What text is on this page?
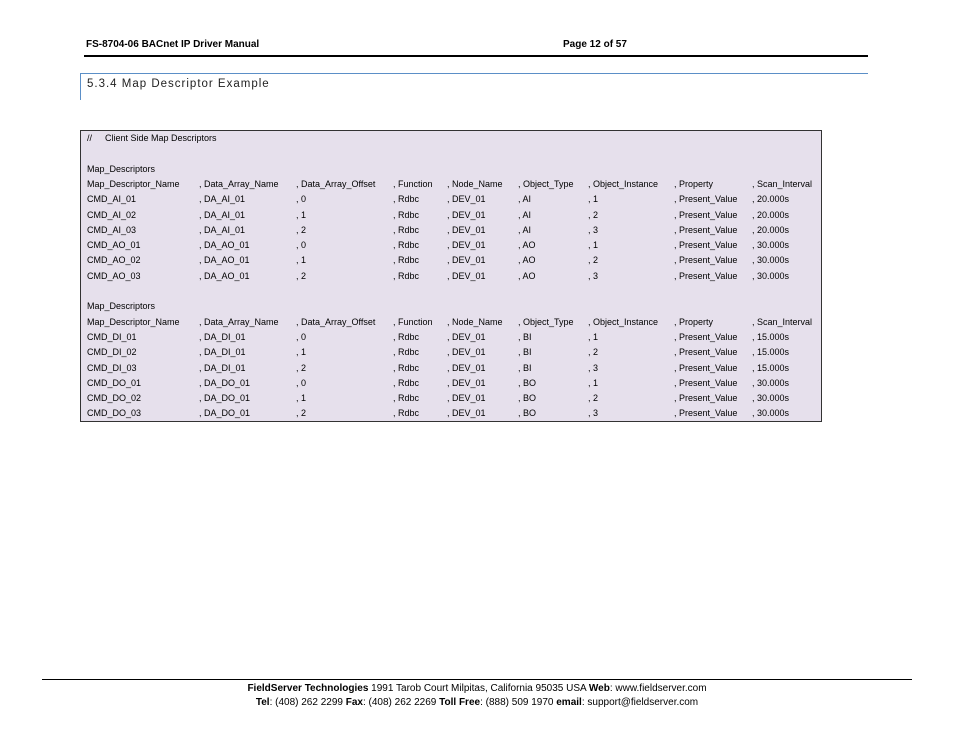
FS-8704-06 BACnet IP Driver Manual	Page 12 of 57
5.3.4 Map Descriptor Example
// Client Side Map Descriptors
Map_Descriptors
Map_Descriptor_Name , Data_Array_Name , Data_Array_Offset , Function , Node_Name , Object_Type , Object_Instance , Property	, Scan_Interval
CMD_AI_01	, DA_AI_01	, 0	, Rdbc	, DEV_01	, AI	, 1	, Present_Value , 20.000s
CMD_AI_02	, DA_AI_01	, 1	, Rdbc	, DEV_01	, AI	, 2	, Present_Value , 20.000s
CMD_AI_03	, DA_AI_01	, 2	, Rdbc	, DEV_01	, AI	, 3	, Present_Value , 20.000s
CMD_AO_01	, DA_AO_01	, 0	, Rdbc	, DEV_01	, AO	, 1	, Present_Value , 30.000s
CMD_AO_02	, DA_AO_01	, 1	, Rdbc	, DEV_01	, AO	, 2	, Present_Value , 30.000s
CMD_AO_03	, DA_AO_01	, 2	, Rdbc	, DEV_01	, AO	, 3	, Present_Value , 30.000s
Map_Descriptors
Map_Descriptor_Name , Data_Array_Name , Data_Array_Offset , Function , Node_Name , Object_Type , Object_Instance , Property	, Scan_Interval
CMD_DI_01	, DA_DI_01	, 0	, Rdbc	, DEV_01	, BI	, 1	, Present_Value , 15.000s
CMD_DI_02	, DA_DI_01	, 1	, Rdbc	, DEV_01	, BI	, 2	, Present_Value , 15.000s
CMD_DI_03	, DA_DI_01	, 2	, Rdbc	, DEV_01	, BI	, 3	, Present_Value , 15.000s
CMD_DO_01	, DA_DO_01	, 0	, Rdbc	, DEV_01	, BO	, 1	, Present_Value , 30.000s
CMD_DO_02	, DA_DO_01	, 1	, Rdbc	, DEV_01	, BO	, 2	, Present_Value , 30.000s
CMD_DO_03	, DA_DO_01	, 2	, Rdbc	, DEV_01	, BO	, 3	, Present_Value , 30.000s
FieldServer Technologies 1991 Tarob Court Milpitas, California 95035 USA Web: www.fieldserver.com
Tel: (408) 262 2299 Fax: (408) 262 2269 Toll Free: (888) 509 1970 email: support@fieldserver.com
